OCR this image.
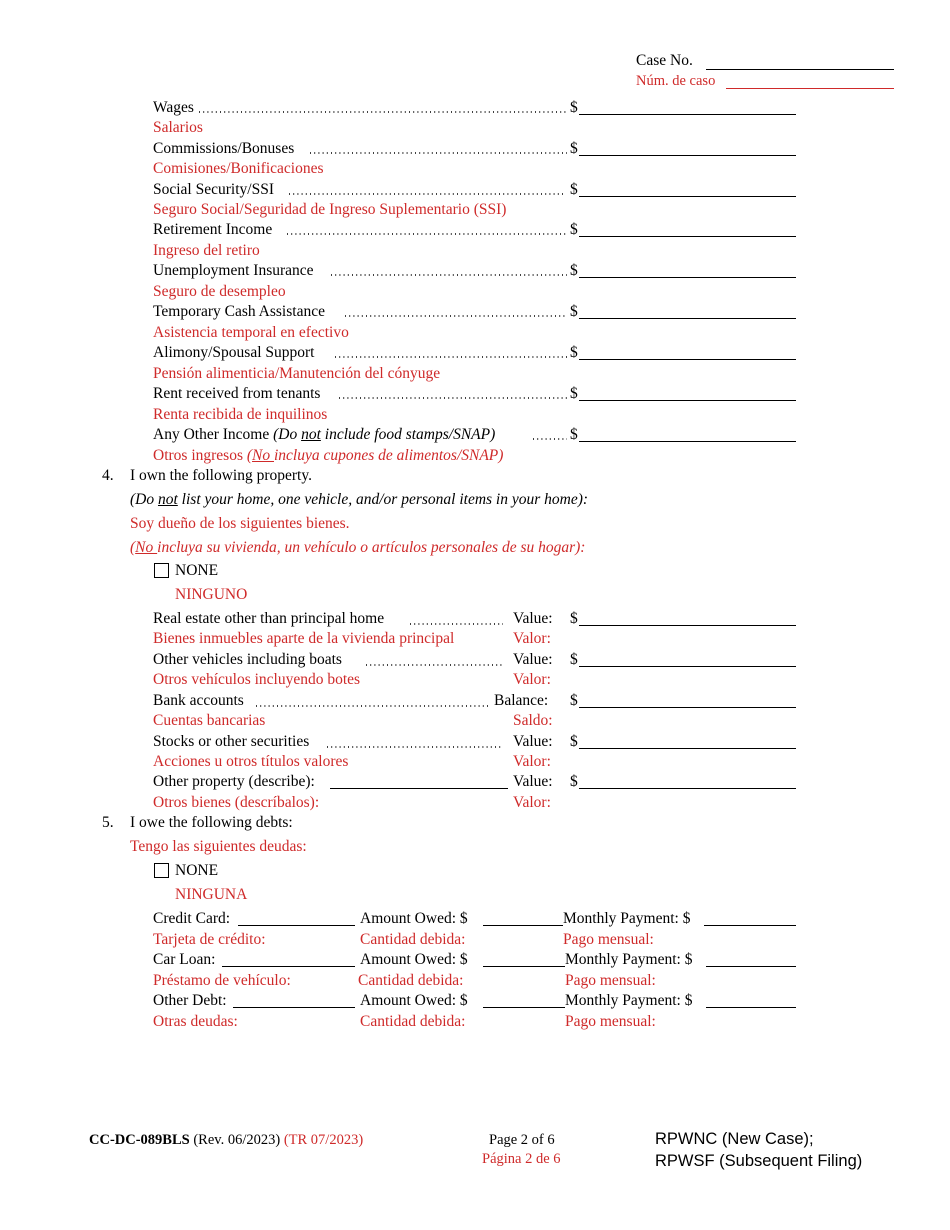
Case No.
Núm. de caso
Wages	$
Salarios
Commissions/Bonuses	$
Comisiones/Bonificaciones
Social Security/SSI	$
Seguro Social/Seguridad de Ingreso Suplementario (SSI)
Retirement Income	$
Ingreso del retiro
Unemployment Insurance	$
Seguro de desempleo
Temporary Cash Assistance	$
Asistencia temporal en efectivo
Alimony/Spousal Support	$
Pensión alimenticia/Manutención del cónyuge
Rent received from tenants	$
Renta recibida de inquilinos
Any Other Income (Do not include food stamps/SNAP)	$
Otros ingresos (No incluya cupones de alimentos/SNAP)
4. I own the following property.
(Do not list your home, one vehicle, and/or personal items in your home):
Soy dueño de los siguientes bienes.
(No incluya su vivienda, un vehículo o artículos personales de su hogar):
NONE
NINGUNO
Real estate other than principal home	Value: $
Bienes inmuebles aparte de la vivienda principal	Valor:
Other vehicles including boats	Value: $
Otros vehículos incluyendo botes	Valor:
Bank accounts	Balance: $
Cuentas bancarias	Saldo:
Stocks or other securities	Value: $
Acciones u otros títulos valores	Valor:
Other property (describe):	Value: $
Otros bienes (descríbalos):	Valor:
5. I owe the following debts:
Tengo las siguientes deudas:
NONE
NINGUNA
Credit Card:	Amount Owed: $	Monthly Payment: $
Tarjeta de crédito:	Cantidad debida:	Pago mensual:
Car Loan:	Amount Owed: $	Monthly Payment: $
Préstamo de vehículo:	Cantidad debida:	Pago mensual:
Other Debt:	Amount Owed: $	Monthly Payment: $
Otras deudas:	Cantidad debida:	Pago mensual:
CC-DC-089BLS (Rev. 06/2023) (TR 07/2023)	Page 2 of 6
Página 2 de 6
RPWNC (New Case);
RPWSF (Subsequent Filing)
